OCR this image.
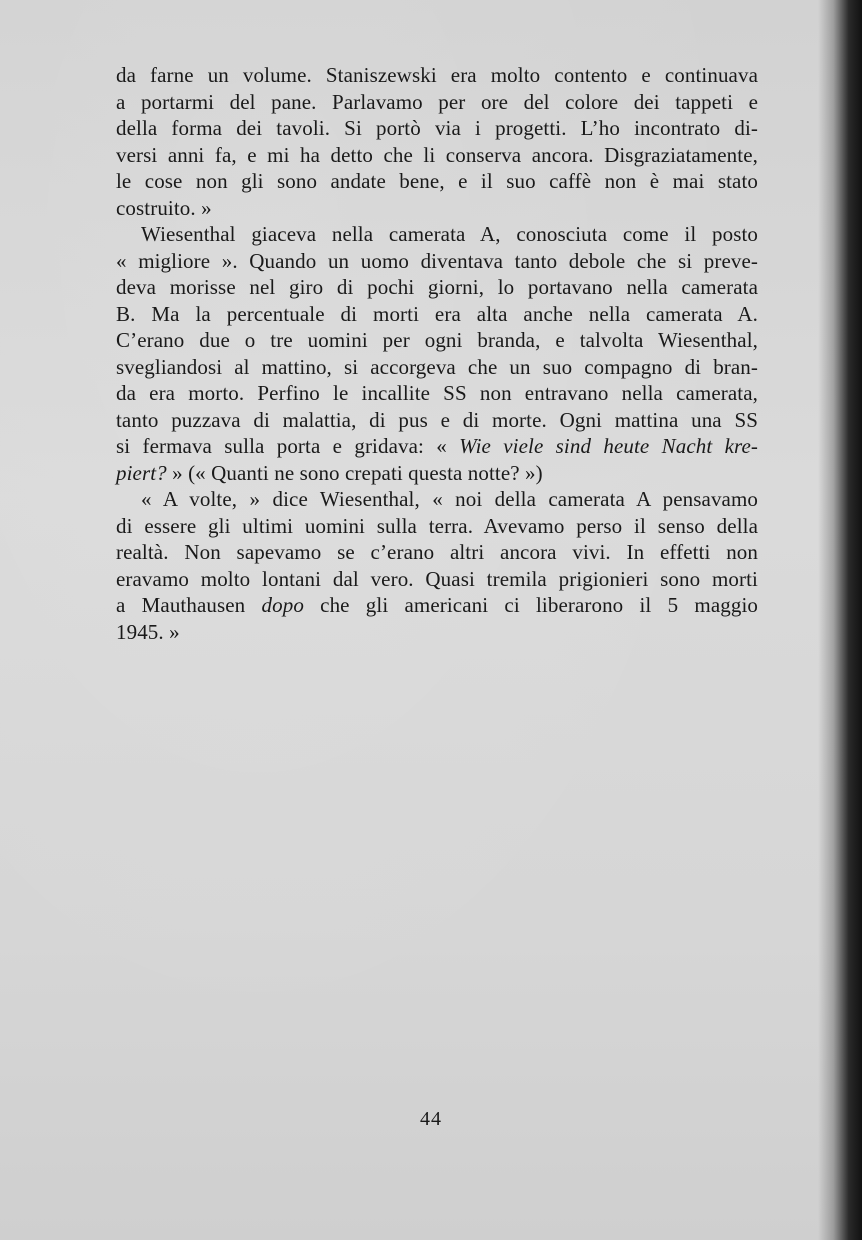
da farne un volume. Staniszewski era molto contento e continuava
a portarmi del pane. Parlavamo per ore del colore dei tappeti e
della forma dei tavoli. Si portò via i progetti. L’ho incontrato di-
versi anni fa, e mi ha detto che li conserva ancora. Disgraziatamente,
le cose non gli sono andate bene, e il suo caffè non è mai stato
costruito. »
Wiesenthal giaceva nella camerata A, conosciuta come il posto
« migliore ». Quando un uomo diventava tanto debole che si preve-
deva morisse nel giro di pochi giorni, lo portavano nella camerata
B. Ma la percentuale di morti era alta anche nella camerata A.
C’erano due o tre uomini per ogni branda, e talvolta Wiesenthal,
svegliandosi al mattino, si accorgeva che un suo compagno di bran-
da era morto. Perfino le incallite SS non entravano nella camerata,
tanto puzzava di malattia, di pus e di morte. Ogni mattina una SS
si fermava sulla porta e gridava: « Wie viele sind heute Nacht kre-
piert? » (« Quanti ne sono crepati questa notte? »)
« A volte, » dice Wiesenthal, « noi della camerata A pensavamo
di essere gli ultimi uomini sulla terra. Avevamo perso il senso della
realtà. Non sapevamo se c’erano altri ancora vivi. In effetti non
eravamo molto lontani dal vero. Quasi tremila prigionieri sono morti
a Mauthausen dopo che gli americani ci liberarono il 5 maggio
1945. »
44
